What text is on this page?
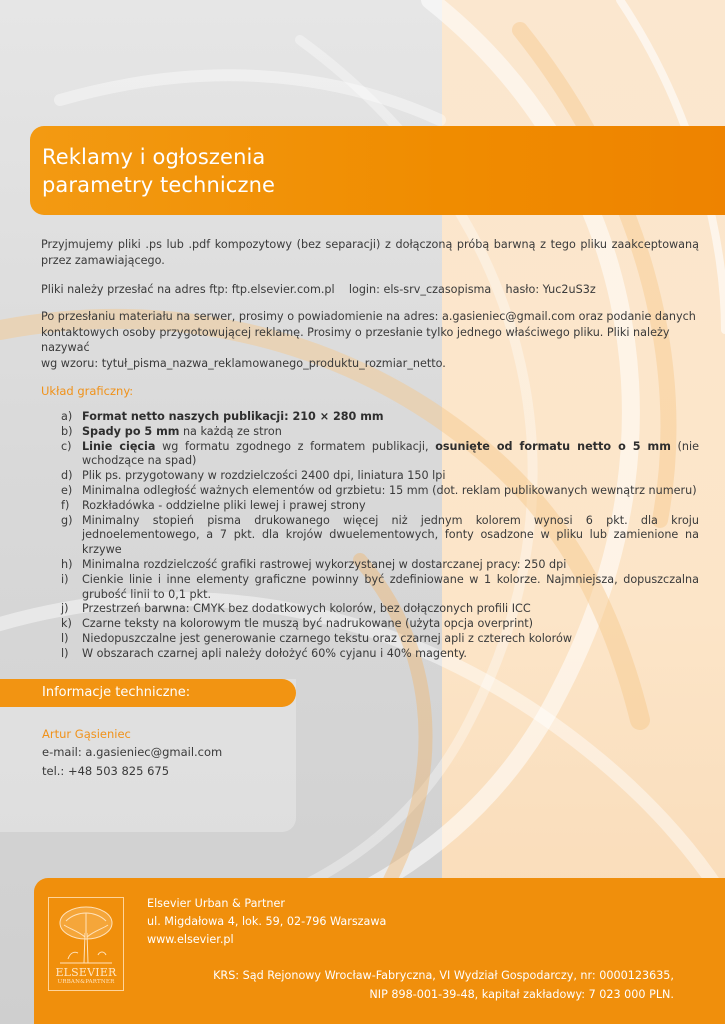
Reklamy i ogłoszenia
parametry techniczne

Przyjmujemy pliki .ps lub .pdf kompozytowy (bez separacji) z dołączoną próbą barwną z tego pliku zaakceptowaną przez zamawiającego.

Pliki należy przesłać na adres ftp: ftp.elsevier.com.pl    login: els-srv_czasopisma    hasło: Yuc2uS3z

Po przesłaniu materiału na serwer, prosimy o powiadomienie na adres: a.gasieniec@gmail.com oraz podanie danych
kontaktowych osoby przygotowującej reklamę. Prosimy o przesłanie tylko jednego właściwego pliku. Pliki należy nazywać
wg wzoru: tytuł_pisma_nazwa_reklamowanego_produktu_rozmiar_netto.

Układ graficzny:

a) Format netto naszych publikacji: 210 × 280 mm
b) Spady po 5 mm na każdą ze stron
c) Linie cięcia wg formatu zgodnego z formatem publikacji, osunięte od formatu netto o 5 mm (nie wchodzące na spad)
d) Plik ps. przygotowany w rozdzielczości 2400 dpi, liniatura 150 lpi
e) Minimalna odległość ważnych elementów od grzbietu: 15 mm (dot. reklam publikowanych wewnątrz numeru)
f) Rozkładówka - oddzielne pliki lewej i prawej strony
g) Minimalny stopień pisma drukowanego więcej niż jednym kolorem wynosi 6 pkt. dla kroju jednoelementowego, a 7 pkt. dla krojów dwuelementowych, fonty osadzone w pliku lub zamienione na krzywe
h) Minimalna rozdzielczość grafiki rastrowej wykorzystanej w dostarczanej pracy: 250 dpi
i) Cienkie linie i inne elementy graficzne powinny być zdefiniowane w 1 kolorze. Najmniejsza, dopuszczalna grubość linii to 0,1 pkt.
j) Przestrzeń barwna: CMYK bez dodatkowych kolorów, bez dołączonych profili ICC
k) Czarne teksty na kolorowym tle muszą być nadrukowane (użyta opcja overprint)
l) Niedopuszczalne jest generowanie czarnego tekstu oraz czarnej apli z czterech kolorów
l) W obszarach czarnej apli należy dołożyć 60% cyjanu i 40% magenty.
Informacje techniczne:
Artur Gąsieniec
e-mail: a.gasieniec@gmail.com
tel.: +48 503 825 675
ELSEVIER
URBAN&PARTNER
Elsevier Urban & Partner
ul. Migdałowa 4, lok. 59, 02-796 Warszawa
www.elsevier.pl
KRS: Sąd Rejonowy Wrocław-Fabryczna, VI Wydział Gospodarczy, nr: 0000123635,
NIP 898-001-39-48, kapitał zakładowy: 7 023 000 PLN.
